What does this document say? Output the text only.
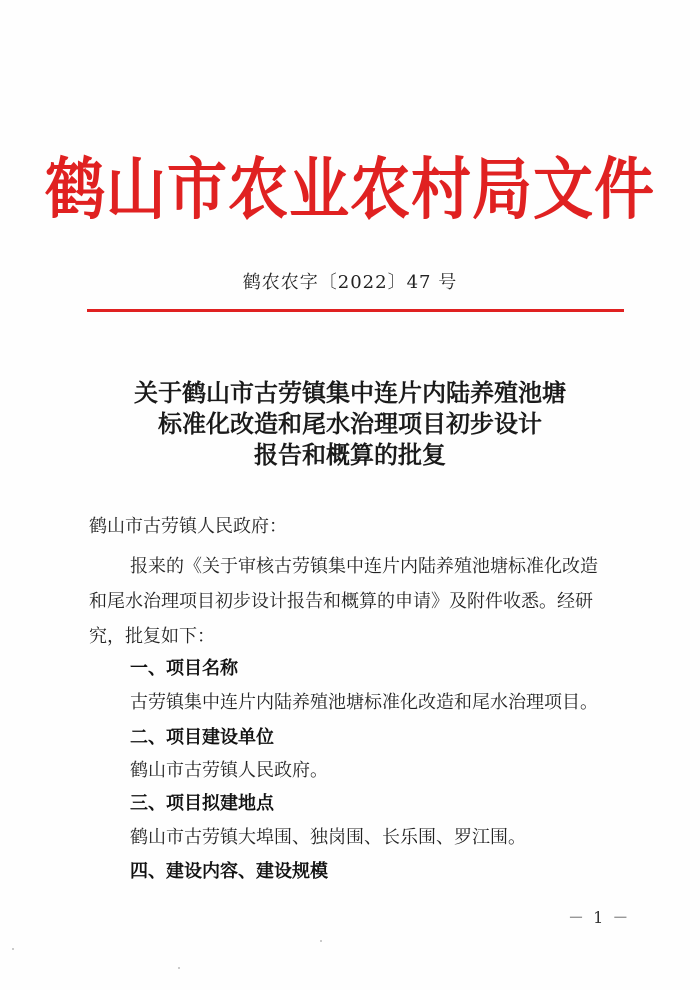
鹤山市农业农村局文件
鹤农农字〔2022〕47 号
关于鹤山市古劳镇集中连片内陆养殖池塘
标准化改造和尾水治理项目初步设计
报告和概算的批复
鹤山市古劳镇人民政府：
报来的《关于审核古劳镇集中连片内陆养殖池塘标准化改造
和尾水治理项目初步设计报告和概算的申请》及附件收悉。经研
究，批复如下：
一、项目名称
古劳镇集中连片内陆养殖池塘标准化改造和尾水治理项目。
二、项目建设单位
鹤山市古劳镇人民政府。
三、项目拟建地点
鹤山市古劳镇大埠围、独岗围、长乐围、罗江围。
四、建设内容、建设规模
－ 1 －
